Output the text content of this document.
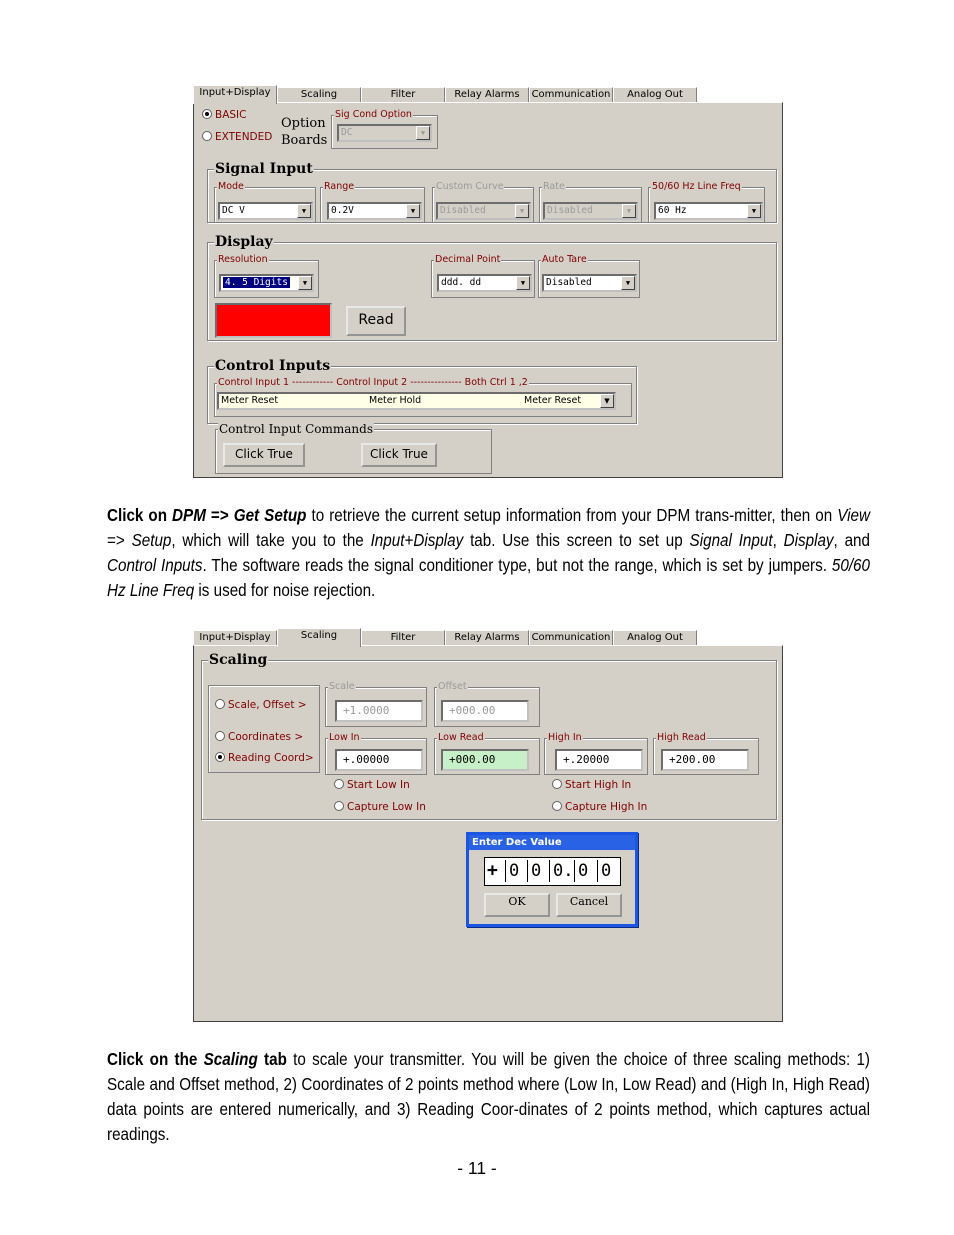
Input+Display	Scaling	Filter	Relay Alarms	Communication	Analog Out
BASIC
EXTENDED
Option
Boards
Sig Cond Option
DC	▼
Signal Input
Mode
DC V	▼
Range
0.2V	▼
Custom Curve
Disabled	▼
Rate
Disabled	▼
50/60 Hz Line Freq
60 Hz	▼
Display
Resolution
4. 5 Digits	▼
Decimal Point
ddd. dd	▼
Auto Tare
Disabled	▼
Read
Control Inputs
Control Input 1 ------------ Control Input 2 --------------- Both Ctrl 1 ,2
Meter Reset	Meter Hold	Meter Reset	▼
Control Input Commands
Click True	Click True

Click on DPM => Get Setup to retrieve the current setup information from your DPM trans-mitter, then on View => Setup, which will take you to the Input+Display tab. Use this screen to set up Signal Input, Display, and Control Inputs. The software reads the signal conditioner type, but not the range, which is set by jumpers. 50/60 Hz Line Freq is used for noise rejection.

Input+Display	Scaling	Filter	Relay Alarms	Communication	Analog Out
Scaling
Scale, Offset >
Coordinates >
Reading Coord>
Scale
+1.0000
Offset
+000.00
Low In
+.00000
Low Read
+000.00
High In
+.20000
High Read
+200.00
Start Low In
Capture Low In
Start High In
Capture High In
Enter Dec Value
+ 0 0 0. 0 0
OK	Cancel

Click on the Scaling tab to scale your transmitter. You will be given the choice of three scaling methods: 1) Scale and Offset method, 2) Coordinates of 2 points method where (Low In, Low Read) and (High In, High Read) data points are entered numerically, and 3) Reading Coor-dinates of 2 points method, which captures actual readings.

- 11 -
